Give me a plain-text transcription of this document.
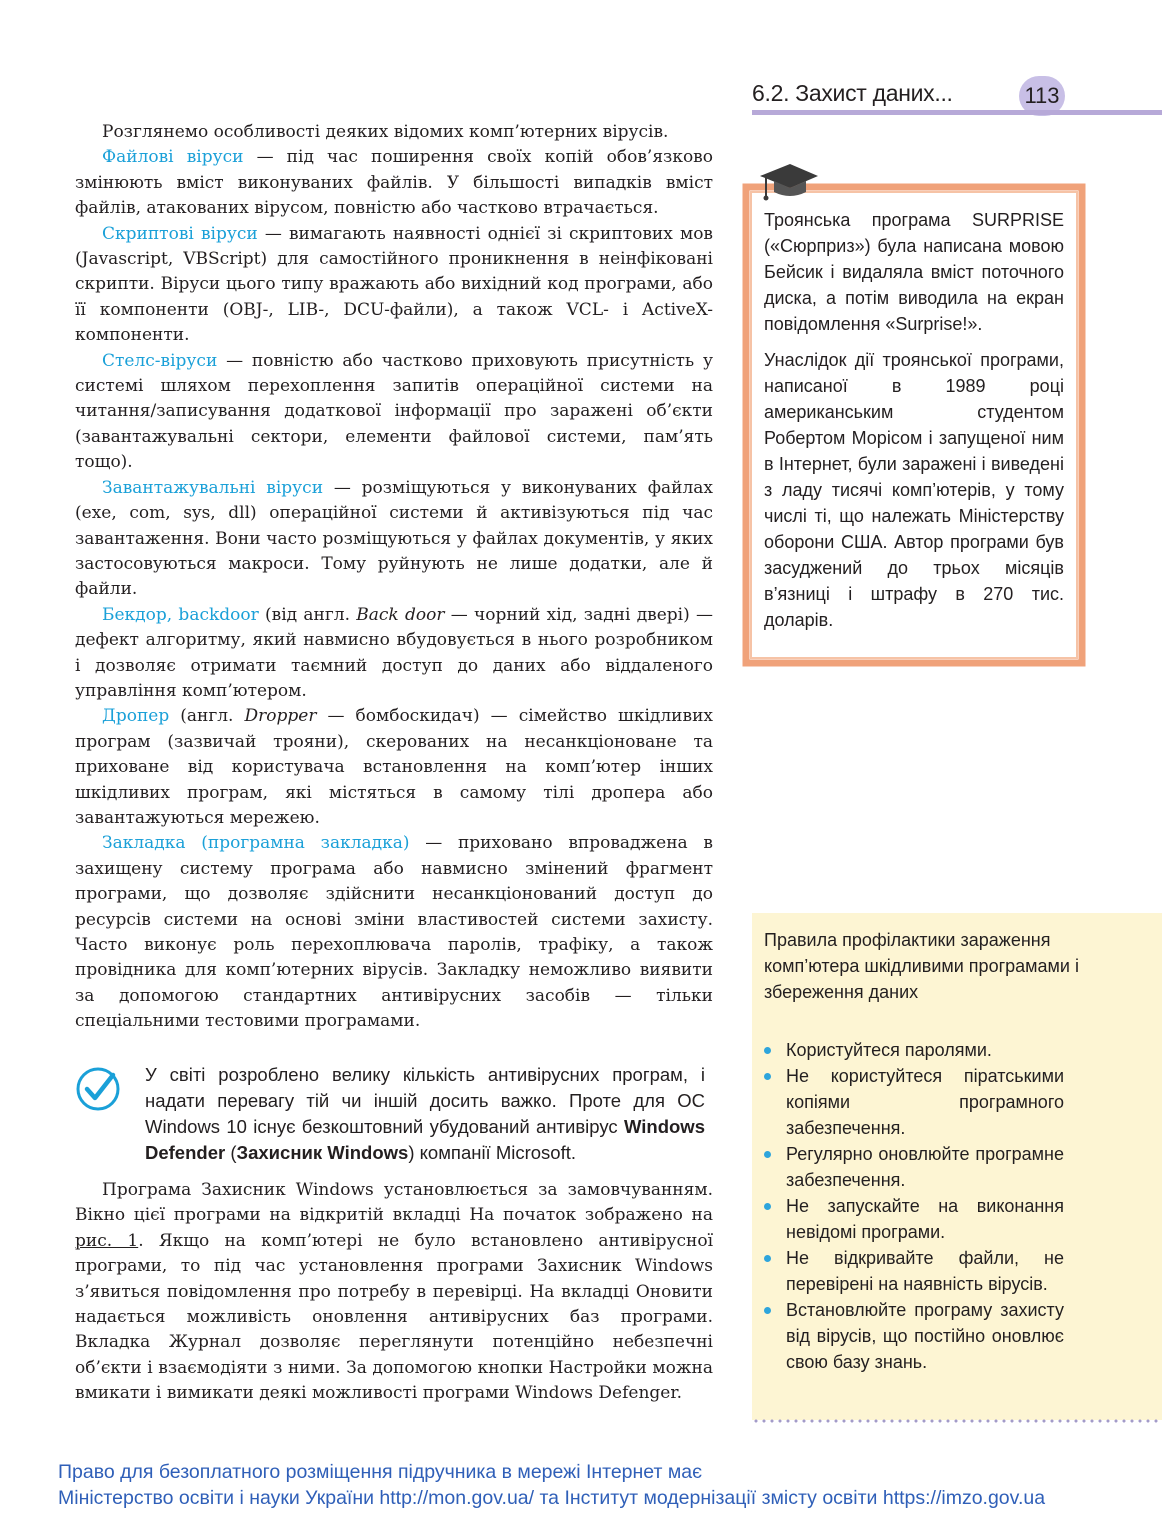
6.2. Захист даних...	113

Розглянемо особливості деяких відомих комп’ютерних вірусів.

Файлові віруси — під час поширення своїх копій обов’язково змінюють вміст виконуваних файлів. У більшості випадків вміст файлів, атакованих вірусом, повністю або частково втрачається.

Скриптові віруси — вимагають наявності однієї зі скриптових мов (Javascript, VBScript) для самостійного проникнення в неінфіковані скрипти. Віруси цього типу вражають або вихідний код програми, або її компоненти (OBJ-, LIB-, DCU-файли), а також VCL- і ActiveX-компоненти.

Стелс-віруси — повністю або частково приховують присутність у системі шляхом перехоплення запитів операційної системи на читання/записування додаткової інформації про заражені об’єкти (завантажувальні сектори, елементи файлової системи, пам’ять тощо).

Завантажувальні віруси — розміщуються у виконуваних файлах (exe, com, sys, dll) операційної системи й активізуються під час завантаження. Вони часто розміщуються у файлах документів, у яких застосовуються макроси. Тому руйнують не лише додатки, але й файли.

Бекдор, backdoor (від англ. Back door — чорний хід, задні двері) — дефект алгоритму, який навмисно вбудовується в нього розробником і дозволяє отримати таємний доступ до даних або віддаленого управління комп’ютером.

Дропер (англ. Dropper — бомбоскидач) — сімейство шкідливих програм (зазвичай трояни), скерованих на несанкціоноване та приховане від користувача встановлення на комп’ютер інших шкідливих програм, які містяться в самому тілі дропера або завантажуються мережею.

Закладка (програмна закладка) — приховано впроваджена в захищену систему програма або навмисно змінений фрагмент програми, що дозволяє здійснити несанкціонований доступ до ресурсів системи на основі зміни властивостей системи захисту. Часто виконує роль перехоплювача паролів, трафіку, а також провідника для комп’ютерних вірусів. Закладку неможливо виявити за допомогою стандартних антивірусних засобів — тільки спеціальними тестовими програмами.

У світі розроблено велику кількість антивірусних програм, і надати перевагу тій чи іншій досить важко. Проте для ОС Windows 10 існує безкоштовний убудований антивірус Windows Defender (Захисник Windows) компанії Microsoft.

Програма Захисник Windows установлюється за замовчуванням. Вікно цієї програми на відкритій вкладці На початок зображено на рис. 1. Якщо на комп’ютері не було встановлено антивірусної програми, то під час установлення програми Захисник Windows з’явиться повідомлення про потребу в перевірці. На вкладці Оновити надається можливість оновлення антивірусних баз програми. Вкладка Журнал дозволяє переглянути потенційно небезпечні об’єкти і взаємодіяти з ними. За допомогою кнопки Настройки можна вмикати і вимикати деякі можливості програми Windows Defenger.

Троянська програма SURPRISE («Сюрприз») була написана мовою Бейсик і видаляла вміст поточного диска, а потім виводила на екран повідомлення «Surprise!».

Унаслідок дії троянської програми, написаної в 1989 році американським студентом Робертом Морісом і запущеної ним в Інтернет, були заражені і виведені з ладу тисячі комп’ютерів, у тому числі ті, що належать Міністерству оборони США. Автор програми був засуджений до трьох місяців в’язниці і штрафу в 270 тис. доларів.

Правила профілактики зараження комп’ютера шкідливими програмами і збереження даних
Користуйтеся паролями.
Не користуйтеся піратськими копіями програмного забезпечення.
Регулярно оновлюйте програмне забезпечення.
Не запускайте на виконання невідомі програми.
Не відкривайте файли, не перевірені на наявність вірусів.
Встановлюйте програму захисту від вірусів, що постійно оновлює свою базу знань.
Право для безоплатного розміщення підручника в мережі Інтернет має
Міністерство освіти і науки України http://mon.gov.ua/ та Інститут модернізації змісту освіти https://imzo.gov.ua
